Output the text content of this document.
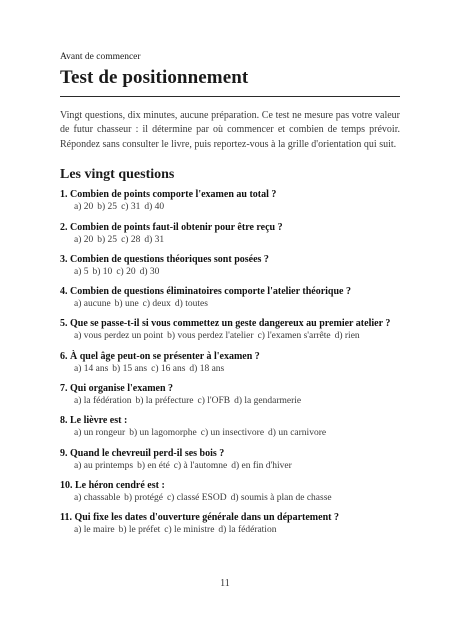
Avant de commencer

Test de positionnement

Vingt questions, dix minutes, aucune préparation. Ce test ne mesure pas votre valeur de futur chasseur : il détermine par où commencer et combien de temps prévoir. Répondez sans consulter le livre, puis reportez-vous à la grille d'orientation qui suit.

Les vingt questions
1. Combien de points comporte l'examen au total ?
a) 20 b) 25 c) 31 d) 40
2. Combien de points faut-il obtenir pour être reçu ?
a) 20 b) 25 c) 28 d) 31
3. Combien de questions théoriques sont posées ?
a) 5 b) 10 c) 20 d) 30
4. Combien de questions éliminatoires comporte l'atelier théorique ?
a) aucune b) une c) deux d) toutes
5. Que se passe-t-il si vous commettez un geste dangereux au premier atelier ?
a) vous perdez un point b) vous perdez l'atelier c) l'examen s'arrête d) rien
6. À quel âge peut-on se présenter à l'examen ?
a) 14 ans b) 15 ans c) 16 ans d) 18 ans
7. Qui organise l'examen ?
a) la fédération b) la préfecture c) l'OFB d) la gendarmerie
8. Le lièvre est :
a) un rongeur b) un lagomorphe c) un insectivore d) un carnivore
9. Quand le chevreuil perd-il ses bois ?
a) au printemps b) en été c) à l'automne d) en fin d'hiver
10. Le héron cendré est :
a) chassable b) protégé c) classé ESOD d) soumis à plan de chasse
11. Qui fixe les dates d'ouverture générale dans un département ?
a) le maire b) le préfet c) le ministre d) la fédération
11
